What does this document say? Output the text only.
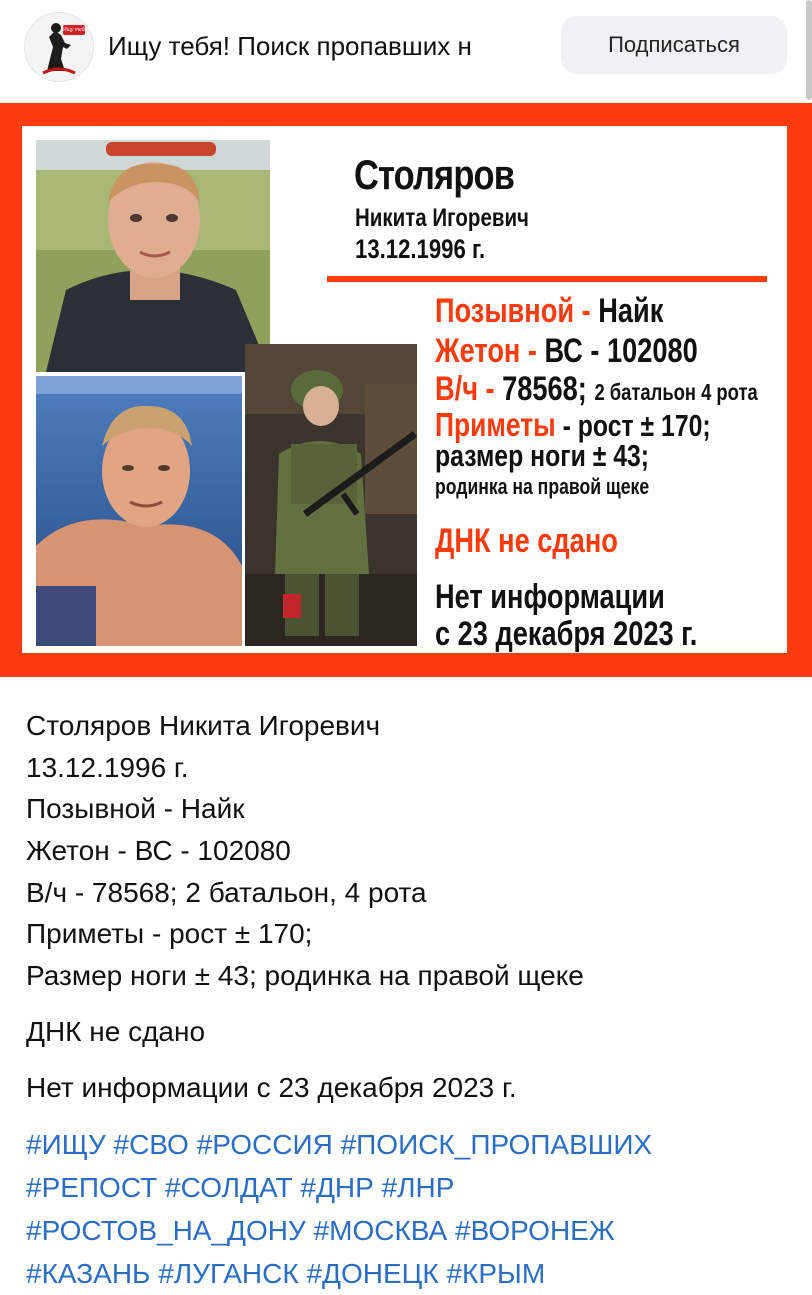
Ищу тебя!
Ищу тебя! Поиск пропавших н	Подписаться
Столяров
Никита Игоревич
13.12.1996 г.
Позывной - Найк
Жетон - ВС - 102080
В/ч - 78568; 2 батальон 4 рота
Приметы - рост ± 170;
размер ноги ± 43;
родинка на правой щеке
ДНК не сдано
Нет информации
с 23 декабря 2023 г.
Столяров Никита Игоревич
13.12.1996 г.
Позывной - Найк
Жетон - ВС - 102080
В/ч - 78568; 2 батальон, 4 рота
Приметы - рост ± 170;
Размер ноги ± 43; родинка на правой щеке
ДНК не сдано
Нет информации с 23 декабря 2023 г.
#ИЩУ #СВО #РОССИЯ #ПОИСК_ПРОПАВШИХ
#РЕПОСТ #СОЛДАТ #ДНР #ЛНР
#РОСТОВ_НА_ДОНУ #МОСКВА #ВОРОНЕЖ
#КАЗАНЬ #ЛУГАНСК #ДОНЕЦК #КРЫМ
